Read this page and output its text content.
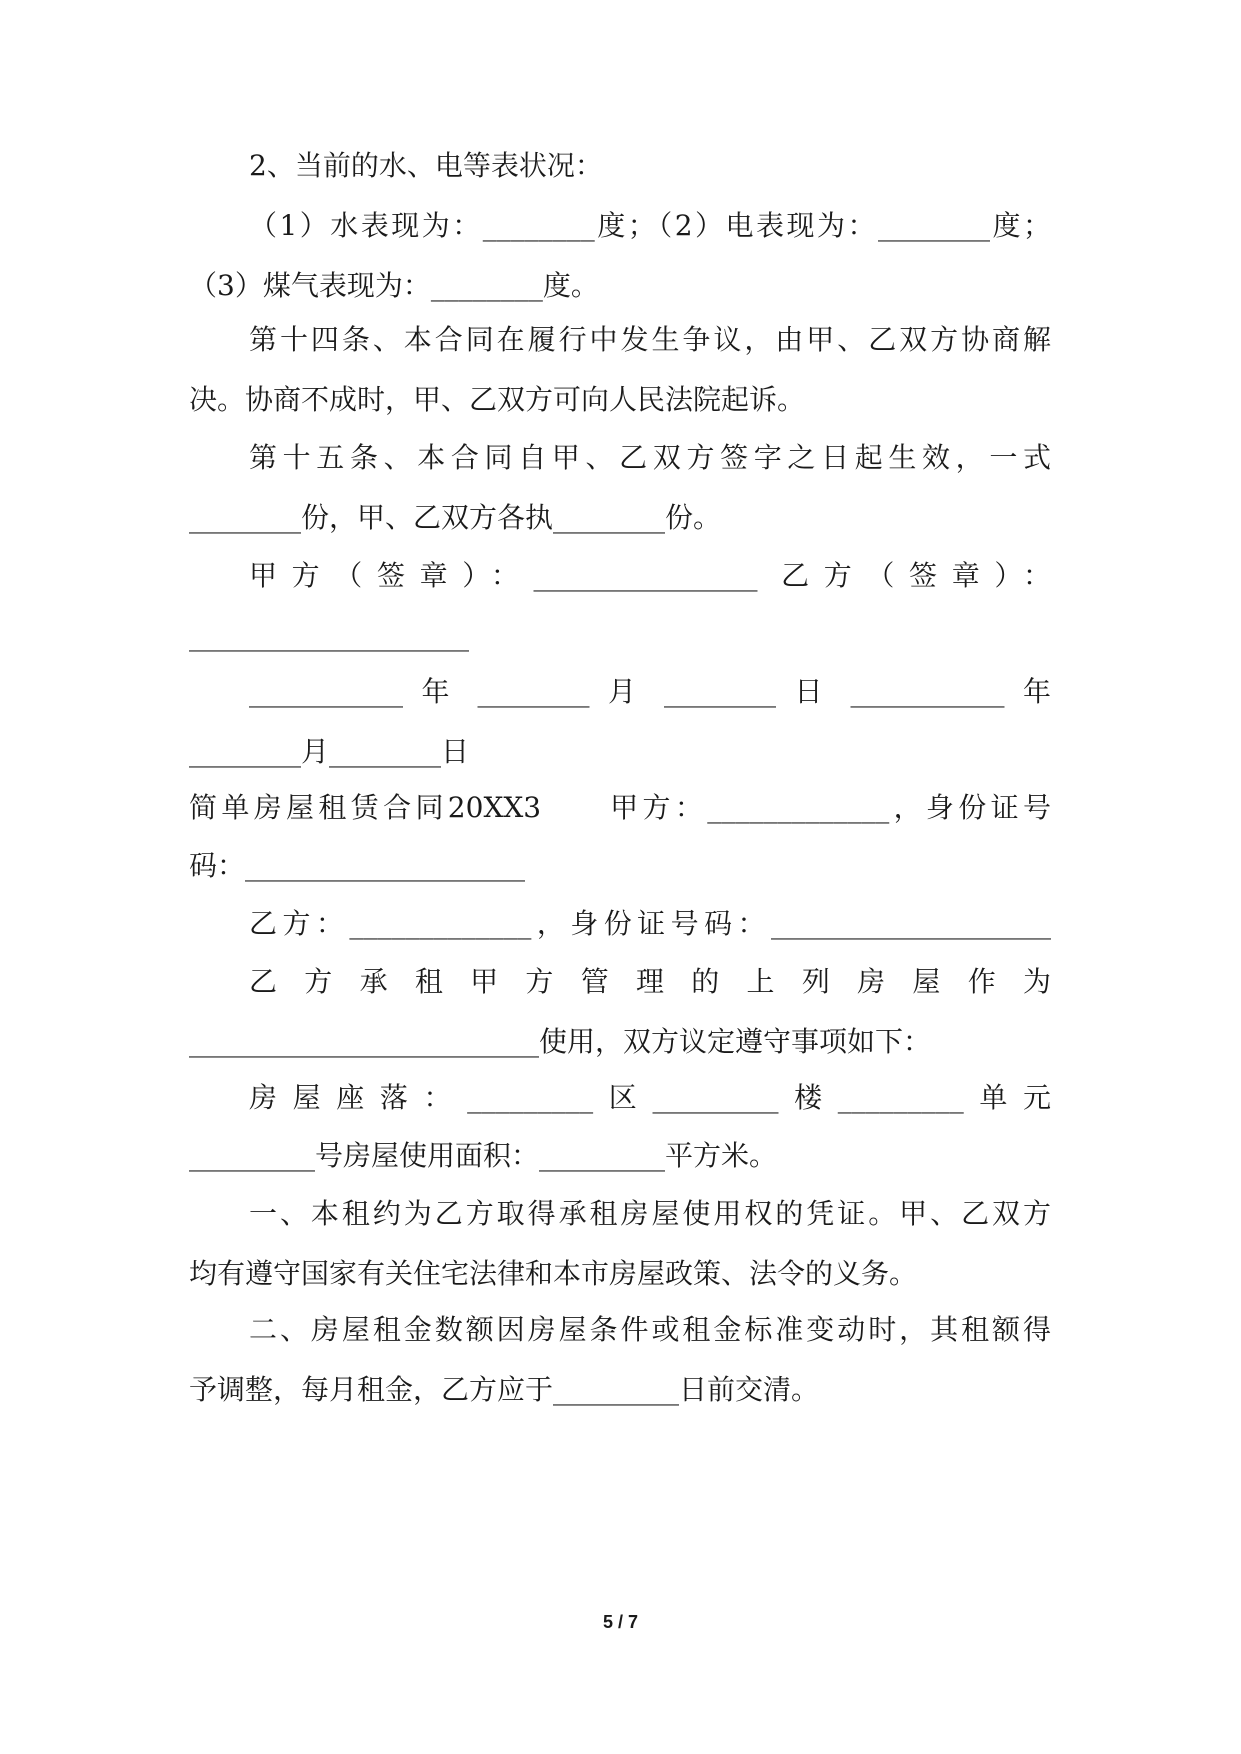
2、当前的水、电等表状况：
（1）水表现为：________度；（2）电表现为：________度；
（3）煤气表现为：________度。
第十四条、本合同在履行中发生争议，由甲、乙双方协商解
决。协商不成时，甲、乙双方可向人民法院起诉。
第十五条、本合同自甲、乙双方签字之日起生效，一式
________份，甲、乙双方各执________份。
甲方（签章）：________________ 乙方（签章）：
____________________
___________ 年 ________ 月 ________ 日 ___________ 年
________月________日
简单房屋租赁合同20XX3　　甲方：_____________，身份证号
码：____________________
乙方：_____________，身份证号码：____________________
乙方承租甲方管理的上列房屋作为
_________________________使用，双方议定遵守事项如下：
房屋座落：_________区_________楼_________单元
_________号房屋使用面积：_________平方米。
一、本租约为乙方取得承租房屋使用权的凭证。甲、乙双方
均有遵守国家有关住宅法律和本市房屋政策、法令的义务。
二、房屋租金数额因房屋条件或租金标准变动时，其租额得
予调整，每月租金，乙方应于_________日前交清。
5 / 7
